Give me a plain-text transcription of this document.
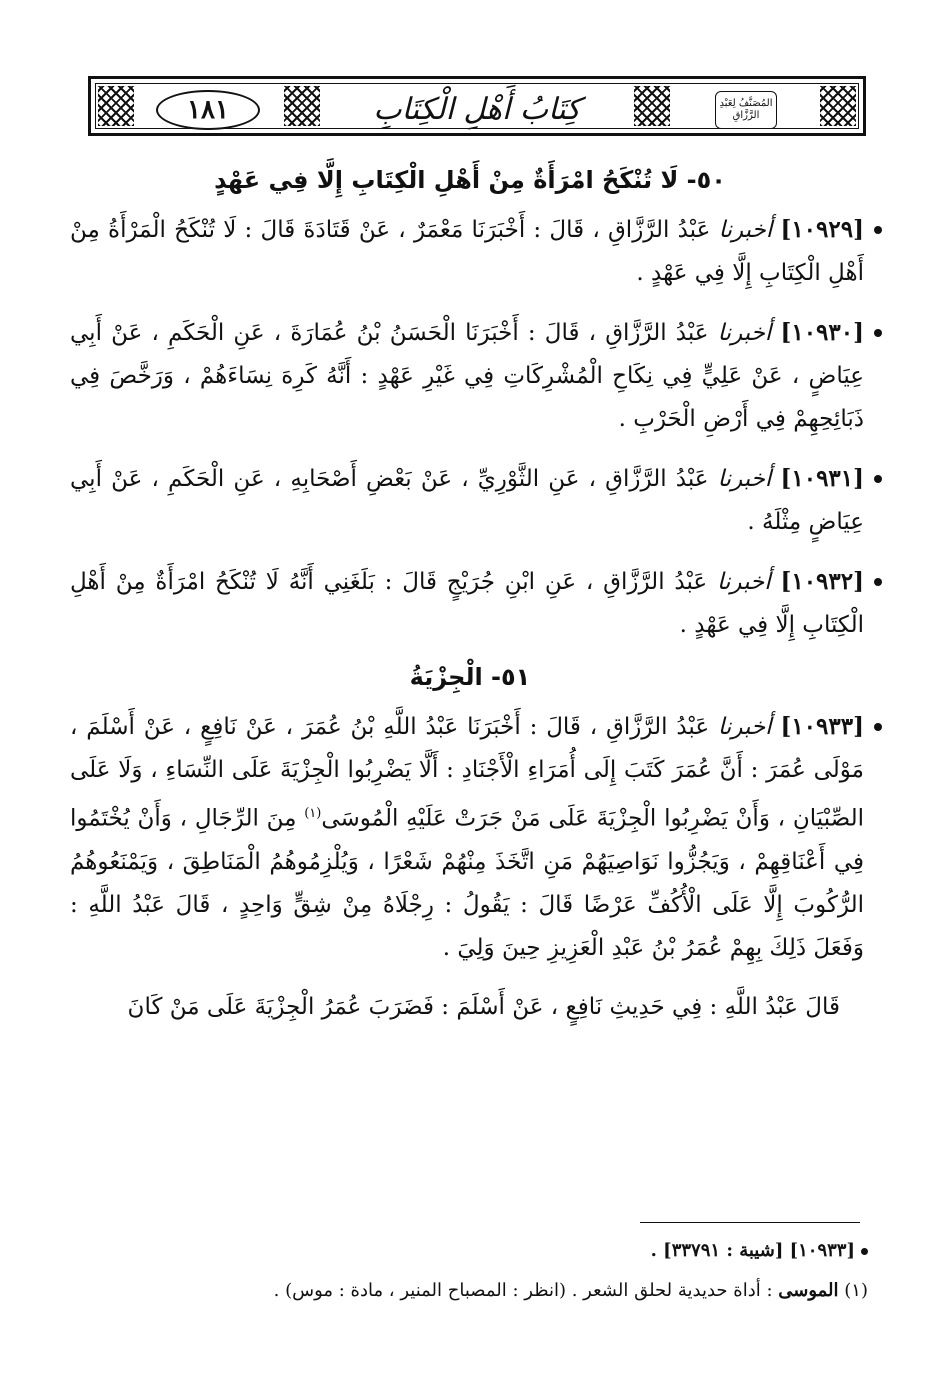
١٨١	كِتَابُ أَهْلِ الْكِتَابِ	المُصَنَّفُ لِعَبْدِ الرَّزَّاقِ
٥٠- لَا تُنْكَحُ امْرَأَةٌ مِنْ أَهْلِ الْكِتَابِ إِلَّا فِي عَهْدٍ

[١٠٩٢٩] أخبرنا عَبْدُ الرَّزَّاقِ ، قَالَ : أَخْبَرَنَا مَعْمَرٌ ، عَنْ قَتَادَةَ قَالَ : لَا تُنْكَحُ الْمَرْأَةُ مِنْ أَهْلِ الْكِتَابِ إِلَّا فِي عَهْدٍ .

[١٠٩٣٠] أخبرنا عَبْدُ الرَّزَّاقِ ، قَالَ : أَخْبَرَنَا الْحَسَنُ بْنُ عُمَارَةَ ، عَنِ الْحَكَمِ ، عَنْ أَبِي عِيَاضٍ ، عَنْ عَلِيٍّ فِي نِكَاحِ الْمُشْرِكَاتِ فِي غَيْرِ عَهْدٍ : أَنَّهُ كَرِهَ نِسَاءَهُمْ ، وَرَخَّصَ فِي ذَبَائِحِهِمْ فِي أَرْضِ الْحَرْبِ .

[١٠٩٣١] أخبرنا عَبْدُ الرَّزَّاقِ ، عَنِ الثَّوْرِيِّ ، عَنْ بَعْضِ أَصْحَابِهِ ، عَنِ الْحَكَمِ ، عَنْ أَبِي عِيَاضٍ مِثْلَهُ .

[١٠٩٣٢] أخبرنا عَبْدُ الرَّزَّاقِ ، عَنِ ابْنِ جُرَيْجٍ قَالَ : بَلَغَنِي أَنَّهُ لَا تُنْكَحُ امْرَأَةٌ مِنْ أَهْلِ الْكِتَابِ إِلَّا فِي عَهْدٍ .

٥١- الْجِزْيَةُ

[١٠٩٣٣] أخبرنا عَبْدُ الرَّزَّاقِ ، قَالَ : أَخْبَرَنَا عَبْدُ اللَّهِ بْنُ عُمَرَ ، عَنْ نَافِعٍ ، عَنْ أَسْلَمَ ، مَوْلَى عُمَرَ : أَنَّ عُمَرَ كَتَبَ إِلَى أُمَرَاءِ الْأَجْنَادِ : أَلَّا يَضْرِبُوا الْجِزْيَةَ عَلَى النِّسَاءِ ، وَلَا عَلَى الصِّبْيَانِ ، وَأَنْ يَضْرِبُوا الْجِزْيَةَ عَلَى مَنْ جَرَتْ عَلَيْهِ الْمُوسَى$^{(١)}$ مِنَ الرِّجَالِ ، وَأَنْ يُخْتَمُوا فِي أَعْنَاقِهِمْ ، وَيَجُزُّوا نَوَاصِيَهُمْ مَنِ اتَّخَذَ مِنْهُمْ شَعْرًا ، وَيُلْزِمُوهُمُ الْمَنَاطِقَ ، وَيَمْنَعُوهُمُ الرُّكُوبَ إِلَّا عَلَى الْأُكُفِّ عَرْضًا قَالَ : يَقُولُ : رِجْلَاهُ مِنْ شِقٍّ وَاحِدٍ ، قَالَ عَبْدُ اللَّهِ : وَفَعَلَ ذَلِكَ بِهِمْ عُمَرُ بْنُ عَبْدِ الْعَزِيزِ حِينَ وَلِيَ .

قَالَ عَبْدُ اللَّهِ : فِي حَدِيثِ نَافِعٍ ، عَنْ أَسْلَمَ : فَضَرَبَ عُمَرُ الْجِزْيَةَ عَلَى مَنْ كَانَ

[١٠٩٣٣] [شيبة : ٣٣٧٩١] .
(١) الموسى : أداة حديدية لحلق الشعر . (انظر : المصباح المنير ، مادة : موس) .
